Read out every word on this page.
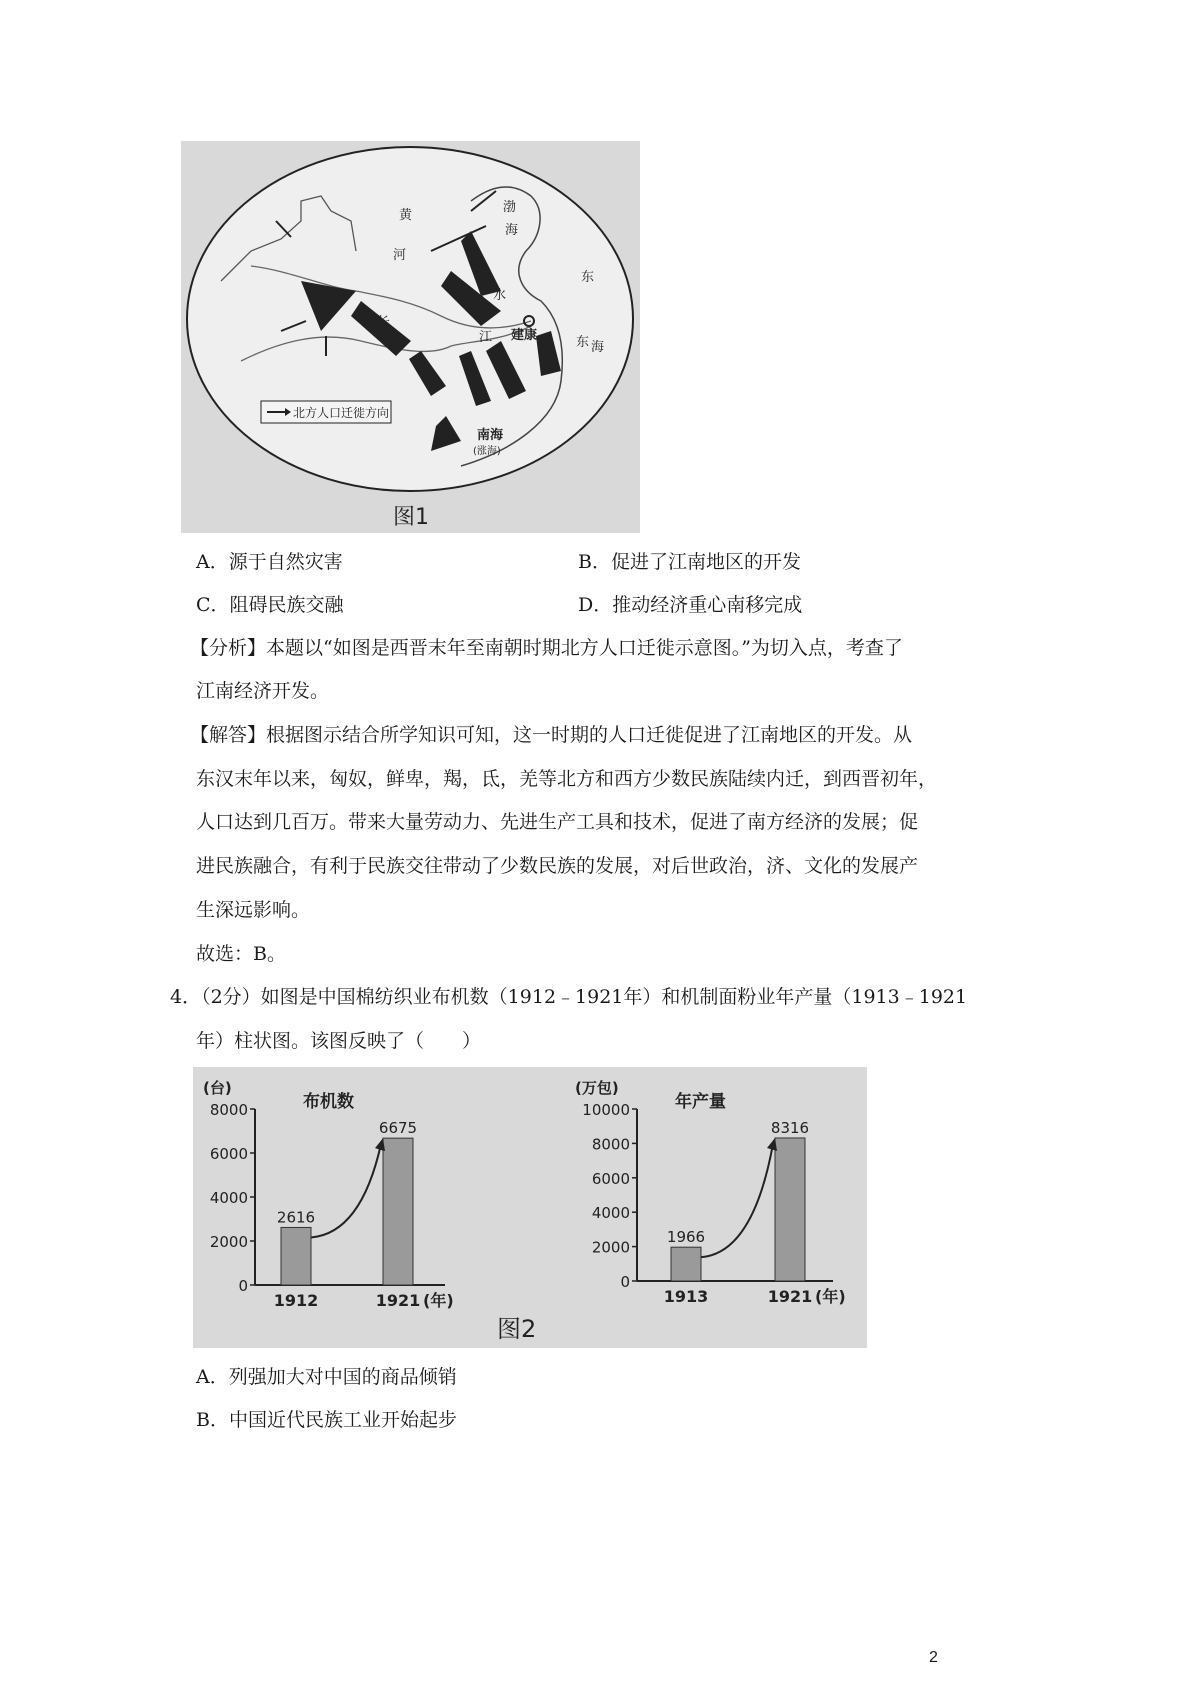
黄
河
渤
海
东
淮 水
长
江 建康	东 海
南海
(涨海)
北方人口迁徙方向
图1
A．源于自然灾害	B．促进了江南地区的开发
C．阻碍民族交融	D．推动经济重心南移完成
【分析】本题以“如图是西晋末年至南朝时期北方人口迁徙示意图。”为切入点，考查了
江南经济开发。
【解答】根据图示结合所学知识可知，这一时期的人口迁徙促进了江南地区的开发。从
东汉末年以来，匈奴，鲜卑，羯，氐，羌等北方和西方少数民族陆续内迁，到西晋初年，
人口达到几百万。带来大量劳动力、先进生产工具和技术，促进了南方经济的发展；促
进民族融合，有利于民族交往带动了少数民族的发展，对后世政治，济、文化的发展产
生深远影响。
故选：B。
4．（2分）如图是中国棉纺织业布机数（1912﹣1921年）和机制面粉业年产量（1913﹣1921
年）柱状图。该图反映了（　　）
图2
(台)
布机数
0
2000
4000
6000
8000
2616
1912
6675
1921 (年)
(万包)
年产量
0
2000
4000
6000
8000
10000
1966
1913
8316
1921 (年)
A．列强加大对中国的商品倾销
B．中国近代民族工业开始起步
2
